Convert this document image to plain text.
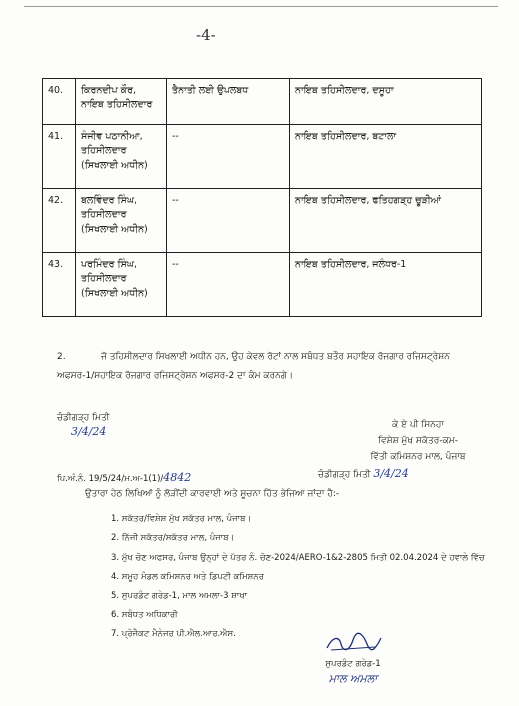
-4-
40.	ਕਿਰਨਦੀਪ ਕੌਰ, ਨਾਇਬ ਤਹਿਸੀਲਦਾਰ	ਤੈਨਾਤੀ ਲਈ ਉਪਲਬਧ	ਨਾਇਬ ਤਹਿਸੀਲਦਾਰ, ਦਸੂਹਾ
41.	ਸੰਜੀਵ ਪਠਾਨੀਆ, ਤਹਿਸੀਲਦਾਰ (ਸਿਖਲਾਈ ਅਧੀਨ)	--	ਨਾਇਬ ਤਹਿਸੀਲਦਾਰ, ਬਟਾਲਾ
42.	ਬਲਵਿੰਦਰ ਸਿੰਘ, ਤਹਿਸੀਲਦਾਰ (ਸਿਖਲਾਈ ਅਧੀਨ)	--	ਨਾਇਬ ਤਹਿਸੀਲਦਾਰ, ਫਤਿਹਗੜ੍ਹ ਚੂੜੀਆਂ
43.	ਪਰਮਿੰਦਰ ਸਿੰਘ, ਤਹਿਸੀਲਦਾਰ (ਸਿਖਲਾਈ ਅਧੀਨ)	--	ਨਾਇਬ ਤਹਿਸੀਲਦਾਰ, ਜਲੰਧਰ-1
2.	ਜੋ ਤਹਿਸੀਲਦਾਰ ਸਿਖਲਾਈ ਅਧੀਨ ਹਨ, ਉਹ ਕੇਵਲ ਰੋਟਾਂ ਨਾਲ ਸਬੰਧਤ ਬਤੌਰ ਸਹਾਇਕ ਰੋਜਗਾਰ ਰਜਿਸਟ੍ਰੇਸ਼ਨ ਅਫਸਰ-1/ਸਹਾਇਕ ਰੋਜਗਾਰ ਰਜਿਸਟ੍ਰੇਸ਼ਨ ਅਫਸਰ-2 ਦਾ ਕੰਮ ਕਰਨਗੇ।
ਚੰਡੀਗੜ੍ਹ ਮਿਤੀ
3/4/24	ਕੇ ਏ ਪੀ ਸਿਨਹਾ
ਵਿਸ਼ੇਸ਼ ਮੁੱਖ ਸਕੱਤਰ-ਕਮ-
ਵਿੱਤੀ ਕਮਿਸ਼ਨਰ ਮਾਲ, ਪੰਜਾਬ
ਪਿ.ਅੰ.ਨੰ. 19/5/24/ਮ.ਅ-1(1)/4842	ਚੰਡੀਗੜ੍ਹ ਮਿਤੀ 3/4/24
ਉਤਾਰਾ ਹੇਠ ਲਿਖਿਆਂ ਨੂੰ ਲੋੜੀਂਦੀ ਕਾਰਵਾਈ ਅਤੇ ਸੂਚਨਾ ਹਿੱਤ ਭੇਜਿਆ ਜਾਂਦਾ ਹੈ:-
1. ਸਕੱਤਰ/ਵਿਸ਼ੇਸ਼ ਮੁੱਖ ਸਕੱਤਰ ਮਾਲ, ਪੰਜਾਬ।
2. ਨਿੱਜੀ ਸਕੱਤਰ/ਸਕੱਤਰ ਮਾਲ, ਪੰਜਾਬ।
3. ਮੁੱਖ ਚੋਣ ਅਫਸਰ, ਪੰਜਾਬ ਉਨ੍ਹਾਂ ਦੇ ਪੱਤਰ ਨੰ. ਚੋਣ-2024/AERO-1&2-2805 ਮਿਤੀ 02.04.2024 ਦੇ ਹਵਾਲੇ ਵਿੱਚ
4. ਸਮੂਹ ਮੰਡਲ ਕਮਿਸ਼ਨਰ ਅਤੇ ਡਿਪਟੀ ਕਮਿਸ਼ਨਰ
5. ਸੁਪਰਡੰਟ ਗਰੇਡ-1, ਮਾਲ ਅਮਲਾ-3 ਸ਼ਾਖਾ
6. ਸਬੰਧਤ ਅਧਿਕਾਰੀ
7. ਪ੍ਰੋਜੈਕਟ ਮੈਨੇਜਰ ਪੀ.ਐਲ.ਆਰ.ਐਸ.
ਸੁਪਰਡੰਟ ਗਰੇਡ-1
ਮਾਲ ਅਮਲਾ
